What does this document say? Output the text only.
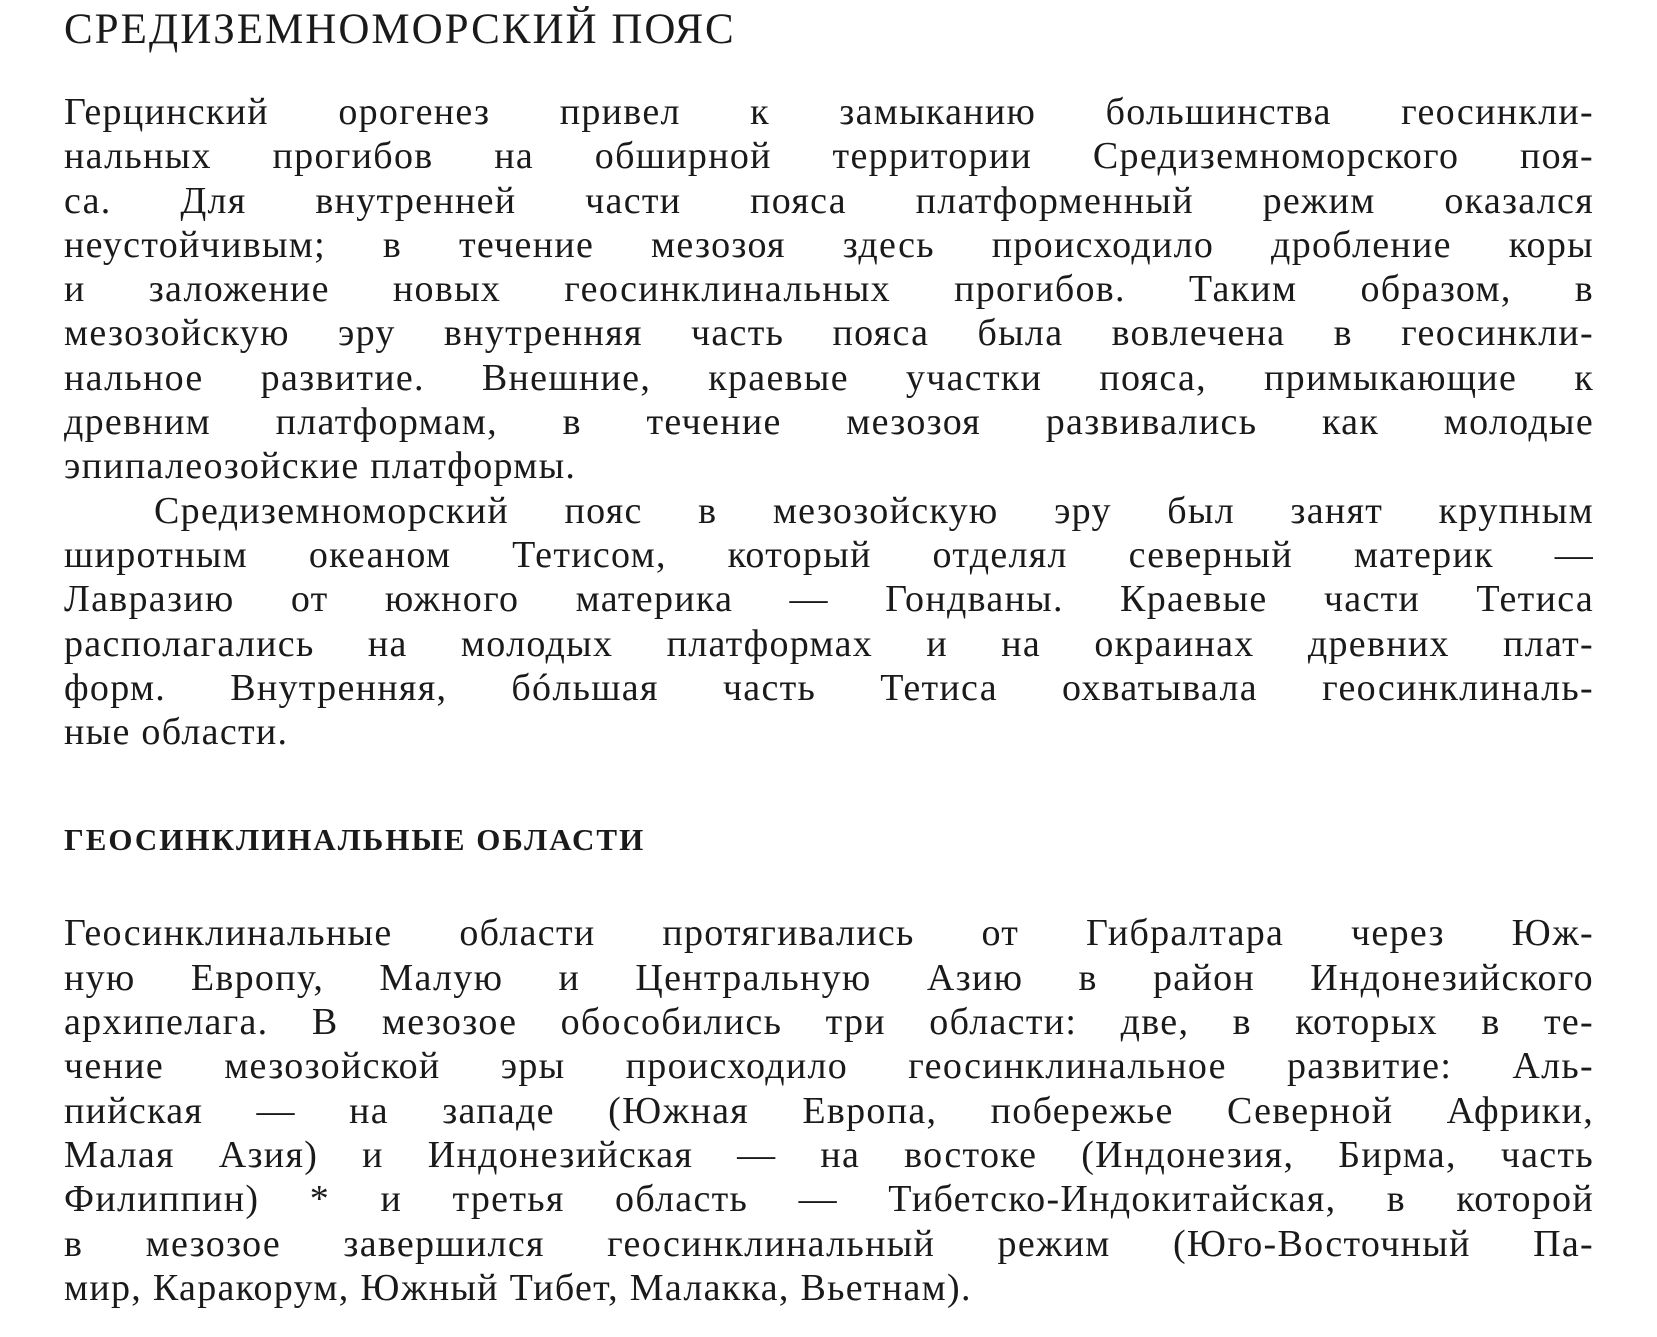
СРЕДИЗЕМНОМОРСКИЙ ПОЯС
Герцинский орогенез привел к замыканию большинства геосинкли-
нальных прогибов на обширной территории Средиземноморского поя-
са. Для внутренней части пояса платформенный режим оказался
неустойчивым; в течение мезозоя здесь происходило дробление коры
и заложение новых геосинклинальных прогибов. Таким образом, в
мезозойскую эру внутренняя часть пояса была вовлечена в геосинкли-
нальное развитие. Внешние, краевые участки пояса, примыкающие к
древним платформам, в течение мезозоя развивались как молодые
эпипалеозойские платформы.
Средиземноморский пояс в мезозойскую эру был занят крупным
широтным океаном Тетисом, который отделял северный материк —
Лавразию от южного материка — Гондваны. Краевые части Тетиса
располагались на молодых платформах и на окраинах древних плат-
форм. Внутренняя, бóльшая часть Тетиса охватывала геосинклиналь-
ные области.
ГЕОСИНКЛИНАЛЬНЫЕ ОБЛАСТИ
Геосинклинальные области протягивались от Гибралтара через Юж-
ную Европу, Малую и Центральную Азию в район Индонезийского
архипелага. В мезозое обособились три области: две, в которых в те-
чение мезозойской эры происходило геосинклинальное развитие: Аль-
пийская — на западе (Южная Европа, побережье Северной Африки,
Малая Азия) и Индонезийская — на востоке (Индонезия, Бирма, часть
Филиппин) * и третья область — Тибетско-Индокитайская, в которой
в мезозое завершился геосинклинальный режим (Юго-Восточный Па-
мир, Каракорум, Южный Тибет, Малакка, Вьетнам).
